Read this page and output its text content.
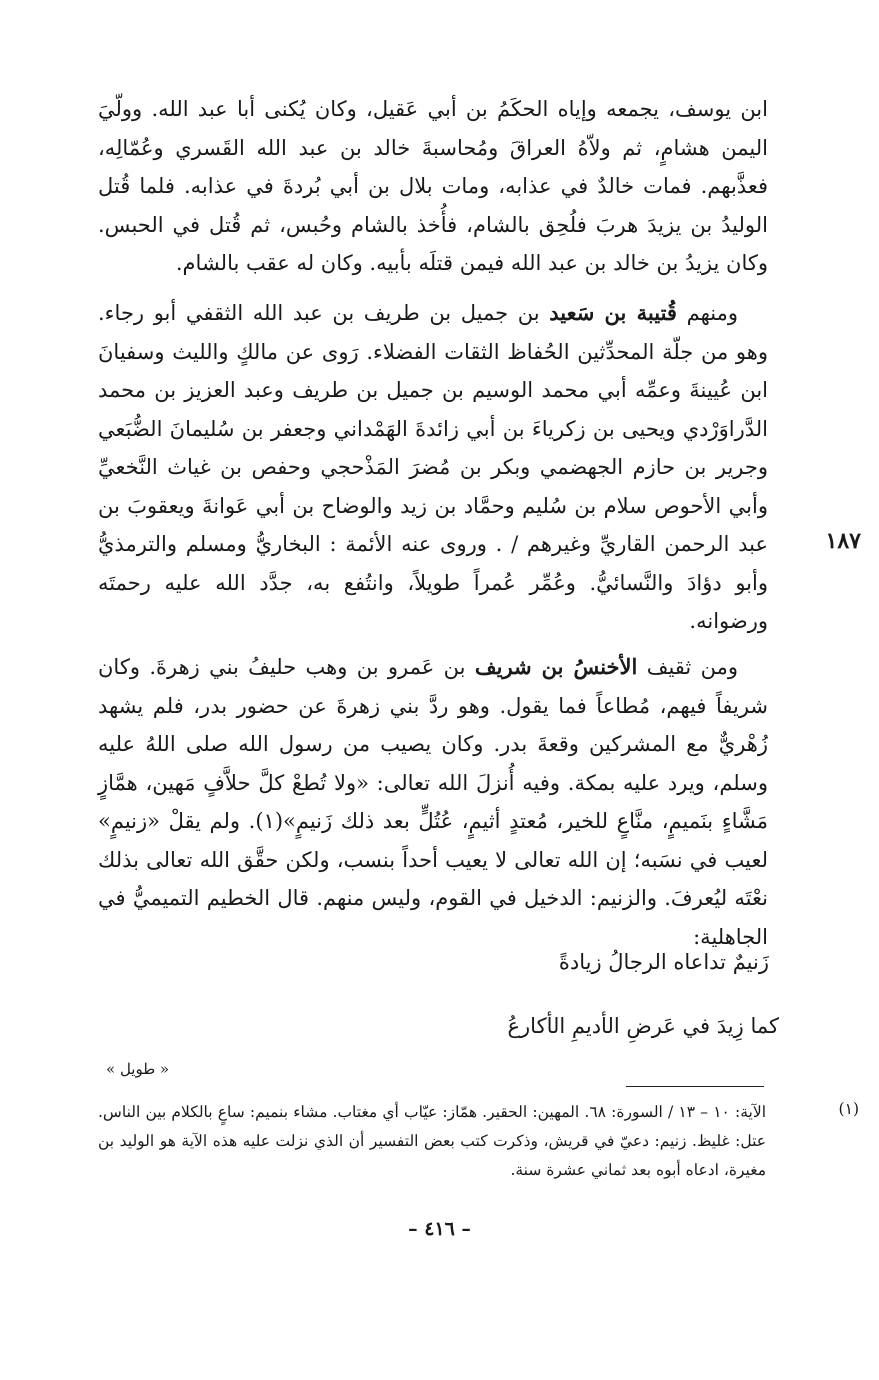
ابن يوسف، يجمعه وإياه الحكَمُ بن أبي عَقيل، وكان يُكنى أبا عبد الله. وولّيَ اليمن هشامٍ، ثم ولاّهُ العراقَ ومُحاسبةَ خالد بن عبد الله القَسري وعُمّالِه، فعذَّبهم. فمات خالدٌ في عذابه، ومات بلال بن أبي بُردةَ في عذابه. فلما قُتل الوليدُ بن يزيدَ هربَ فلُحِق بالشام، فأُخذ بالشام وحُبس، ثم قُتل في الحبس. وكان يزيدُ بن خالد بن عبد الله فيمن قتلَه بأبيه. وكان له عقب بالشام.

ومنهم قُتيبة بن سَعيد بن جميل بن طريف بن عبد الله الثقفي أبو رجاء. وهو من جلّة المحدِّثين الحُفاظ الثقات الفضلاء. رَوى عن مالكٍ والليث وسفيانَ ابن عُيينةَ وعمِّه أبي محمد الوسيم بن جميل بن طريف وعبد العزيز بن محمد الدَّراوَرْدي ويحيى بن زكرياءَ بن أبي زائدةَ الهَمْداني وجعفر بن سُليمانَ الضُّبَعي وجرير بن حازم الجهضمي وبكر بن مُضرَ المَذْحجي وحفص بن غياث النَّخعيِّ وأبي الأحوص سلام بن سُليم وحمَّاد بن زيد والوضاح بن أبي عَوانةَ ويعقوبَ بن عبد الرحمن القاريِّ وغيرهم / . وروى عنه الأئمة : البخاريُّ ومسلم والترمذيُّ وأبو دؤادَ والنَّسائيُّ. وعُمِّر عُمراً طويلاً، وانتُفع به، جدَّد الله عليه رحمتَه ورضوانه.

١٨٧

ومن ثقيف الأخنسُ بن شريف بن عَمرو بن وهب حليفُ بني زهرةَ. وكان شريفاً فيهم، مُطاعاً فما يقول. وهو ردَّ بني زهرةَ عن حضور بدر، فلم يشهد زُهْريٌّ مع المشركين وقعةَ بدر. وكان يصيب من رسول الله صلى اللهُ عليه وسلم، ويرد عليه بمكة. وفيه أُنزلَ الله تعالى: «ولا تُطعْ كلَّ حلاَّفٍ مَهين، همَّازٍ مَشَّاءٍ بنَميمٍ، منَّاعٍ للخير، مُعتدٍ أثيمٍ، عُتُلٍّ بعد ذلك زَنيمٍ»(١). ولم يقلْ «زنيمٍ» لعيب في نسَبه؛ إن الله تعالى لا يعيب أحداً بنسب، ولكن حقَّق الله تعالى بذلك نعْتَه ليُعرفَ. والزنيم: الدخيل في القوم، وليس منهم. قال الخطيم التميميُّ في الجاهلية:

زَنيمٌ تداعاه الرجالُ زيادةً
كما زِيدَ في عَرضِ الأديمِ الأكارعُ
« طويل »
(١)
الآية: ١٠ – ١٣ / السورة: ٦٨. المهين: الحقير. همّاز: عيّاب أي مغتاب. مشاء بنميم: ساعٍ بالكلام بين الناس. عتل: غليظ. زنيم: دعيّ في قريش، وذكرت كتب بعض التفسير أن الذي نزلت عليه هذه الآية هو الوليد بن مغيرة، ادعاه أبوه بعد ثماني عشرة سنة.
– ٤١٦ –
